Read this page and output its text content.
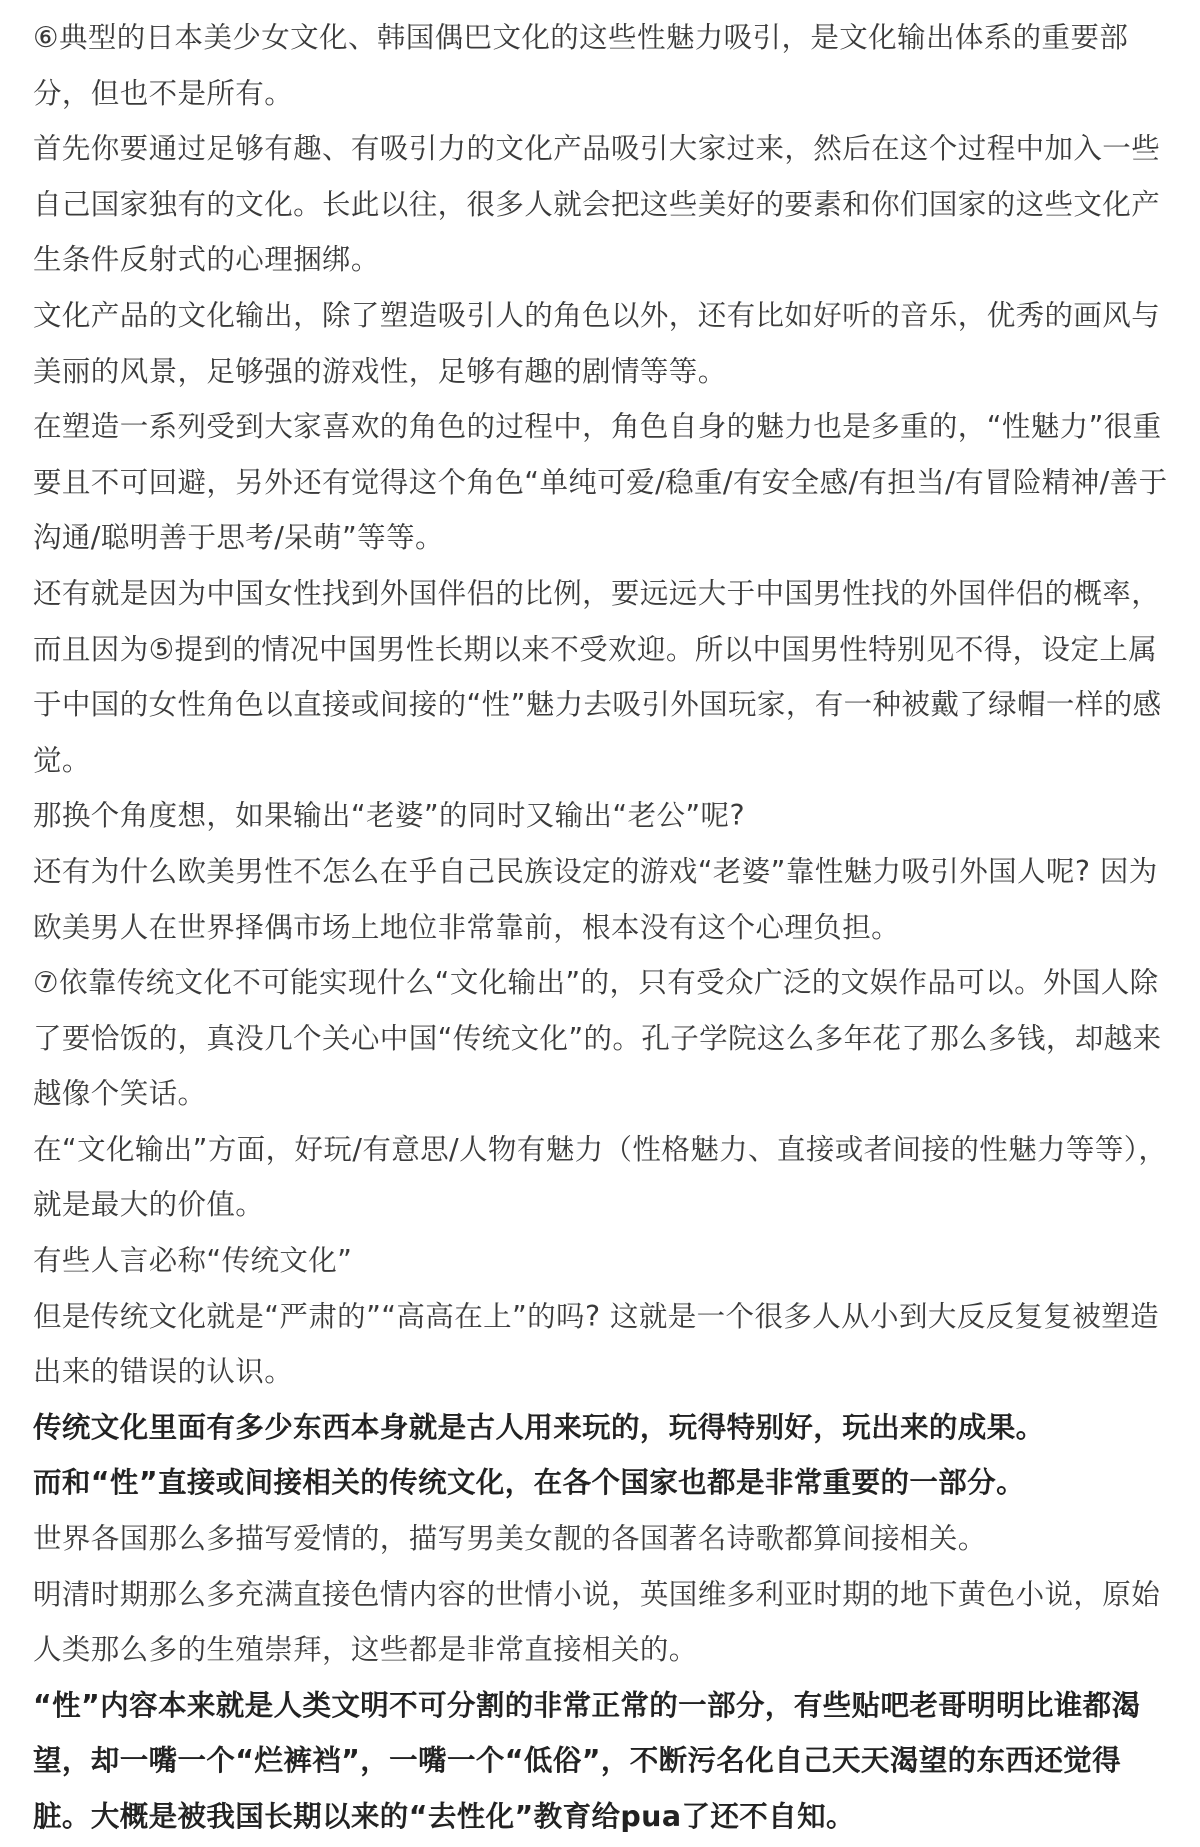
⑥典型的日本美少女文化、韩国偶巴文化的这些性魅力吸引，是文化输出体系的重要部分，但也不是所有。

首先你要通过足够有趣、有吸引力的文化产品吸引大家过来，然后在这个过程中加入一些自己国家独有的文化。长此以往，很多人就会把这些美好的要素和你们国家的这些文化产生条件反射式的心理捆绑。

文化产品的文化输出，除了塑造吸引人的角色以外，还有比如好听的音乐，优秀的画风与美丽的风景，足够强的游戏性，足够有趣的剧情等等。

在塑造一系列受到大家喜欢的角色的过程中，角色自身的魅力也是多重的，“性魅力”很重要且不可回避，另外还有觉得这个角色“单纯可爱/稳重/有安全感/有担当/有冒险精神/善于沟通/聪明善于思考/呆萌”等等。

还有就是因为中国女性找到外国伴侣的比例，要远远大于中国男性找的外国伴侣的概率，而且因为⑤提到的情况中国男性长期以来不受欢迎。所以中国男性特别见不得，设定上属于中国的女性角色以直接或间接的“性”魅力去吸引外国玩家，有一种被戴了绿帽一样的感觉。

那换个角度想，如果输出“老婆”的同时又输出“老公”呢?

还有为什么欧美男性不怎么在乎自己民族设定的游戏“老婆”靠性魅力吸引外国人呢? 因为欧美男人在世界择偶市场上地位非常靠前，根本没有这个心理负担。

⑦依靠传统文化不可能实现什么“文化输出”的，只有受众广泛的文娱作品可以。外国人除了要恰饭的，真没几个关心中国“传统文化”的。孔子学院这么多年花了那么多钱，却越来越像个笑话。

在“文化输出”方面，好玩/有意思/人物有魅力（性格魅力、直接或者间接的性魅力等等），就是最大的价值。

有些人言必称“传统文化”

但是传统文化就是“严肃的”“高高在上”的吗? 这就是一个很多人从小到大反反复复被塑造出来的错误的认识。

传统文化里面有多少东西本身就是古人用来玩的，玩得特别好，玩出来的成果。

而和“性”直接或间接相关的传统文化，在各个国家也都是非常重要的一部分。

世界各国那么多描写爱情的，描写男美女靓的各国著名诗歌都算间接相关。

明清时期那么多充满直接色情内容的世情小说，英国维多利亚时期的地下黄色小说，原始人类那么多的生殖崇拜，这些都是非常直接相关的。

“性”内容本来就是人类文明不可分割的非常正常的一部分，有些贴吧老哥明明比谁都渴望，却一嘴一个“烂裤裆”，一嘴一个“低俗”，不断污名化自己天天渴望的东西还觉得脏。大概是被我国长期以来的“去性化”教育给pua了还不自知。
